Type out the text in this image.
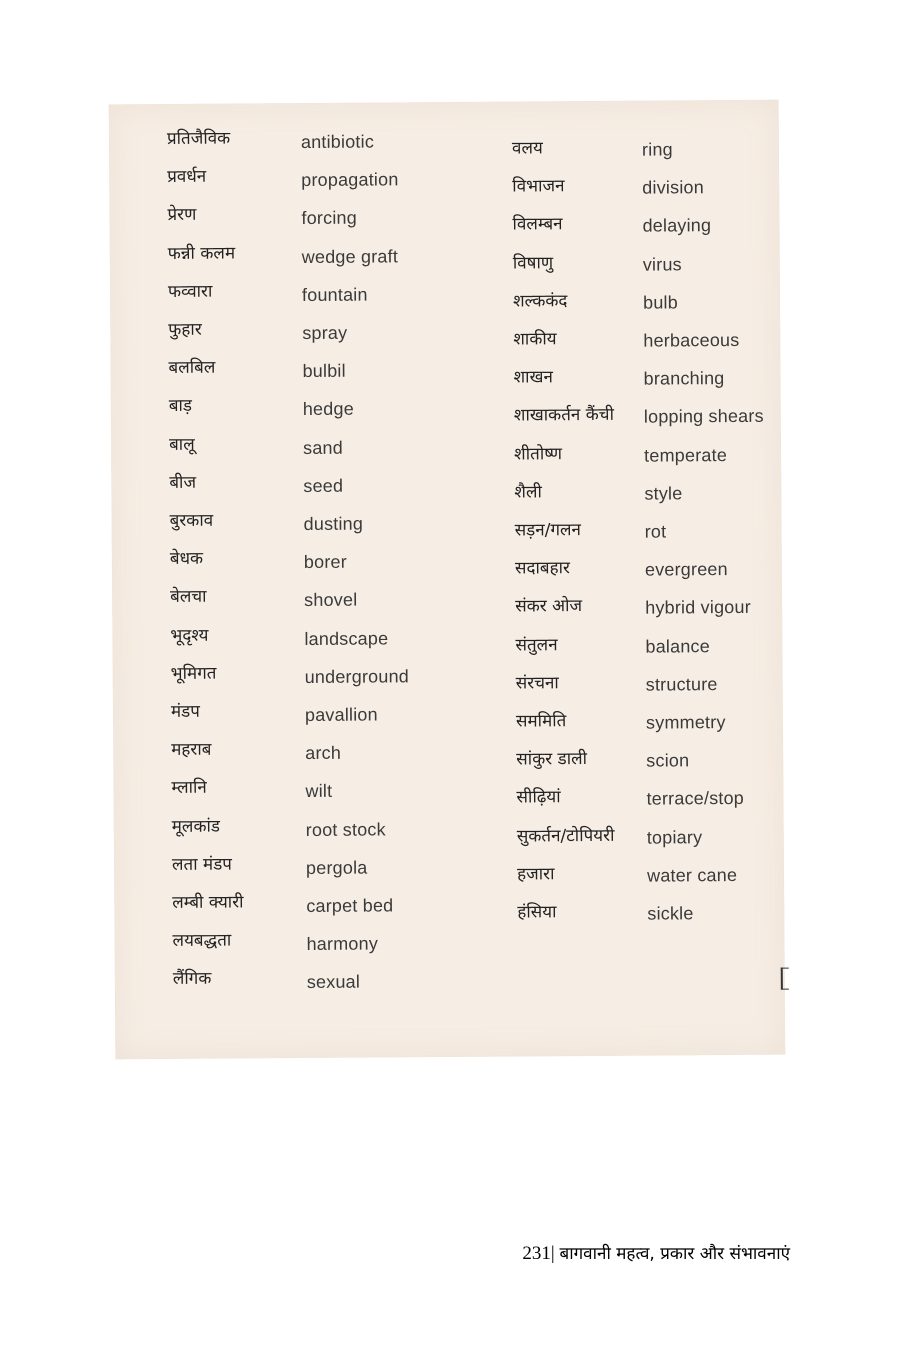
प्रतिजैविक
प्रवर्धन
प्रेरण
फन्नी कलम
फव्वारा
फुहार
बलबिल
बाड़
बालू
बीज
बुरकाव
बेधक
बेलचा
भूदृश्य
भूमिगत
मंडप
महराब
म्लानि
मूलकांड
लता मंडप
लम्बी क्यारी
लयबद्धता
लैंगिक
antibiotic
propagation
forcing
wedge graft
fountain
spray
bulbil
hedge
sand
seed
dusting
borer
shovel
landscape
underground
pavallion
arch
wilt
root stock
pergola
carpet bed
harmony
sexual
वलय
विभाजन
विलम्बन
विषाणु
शल्ककंद
शाकीय
शाखन
शाखाकर्तन कैंची
शीतोष्ण
शैली
सड़न/गलन
सदाबहार
संकर ओज
संतुलन
संरचना
सममिति
सांकुर डाली
सीढ़ियां
सुकर्तन/टोपियरी
हजारा
हंसिया
ring
division
delaying
virus
bulb
herbaceous
branching
lopping shears
temperate
style
rot
evergreen
hybrid vigour
balance
structure
symmetry
scion
terrace/stop
topiary
water cane
sickle
231| बागवानी महत्व, प्रकार और संभावनाएं
